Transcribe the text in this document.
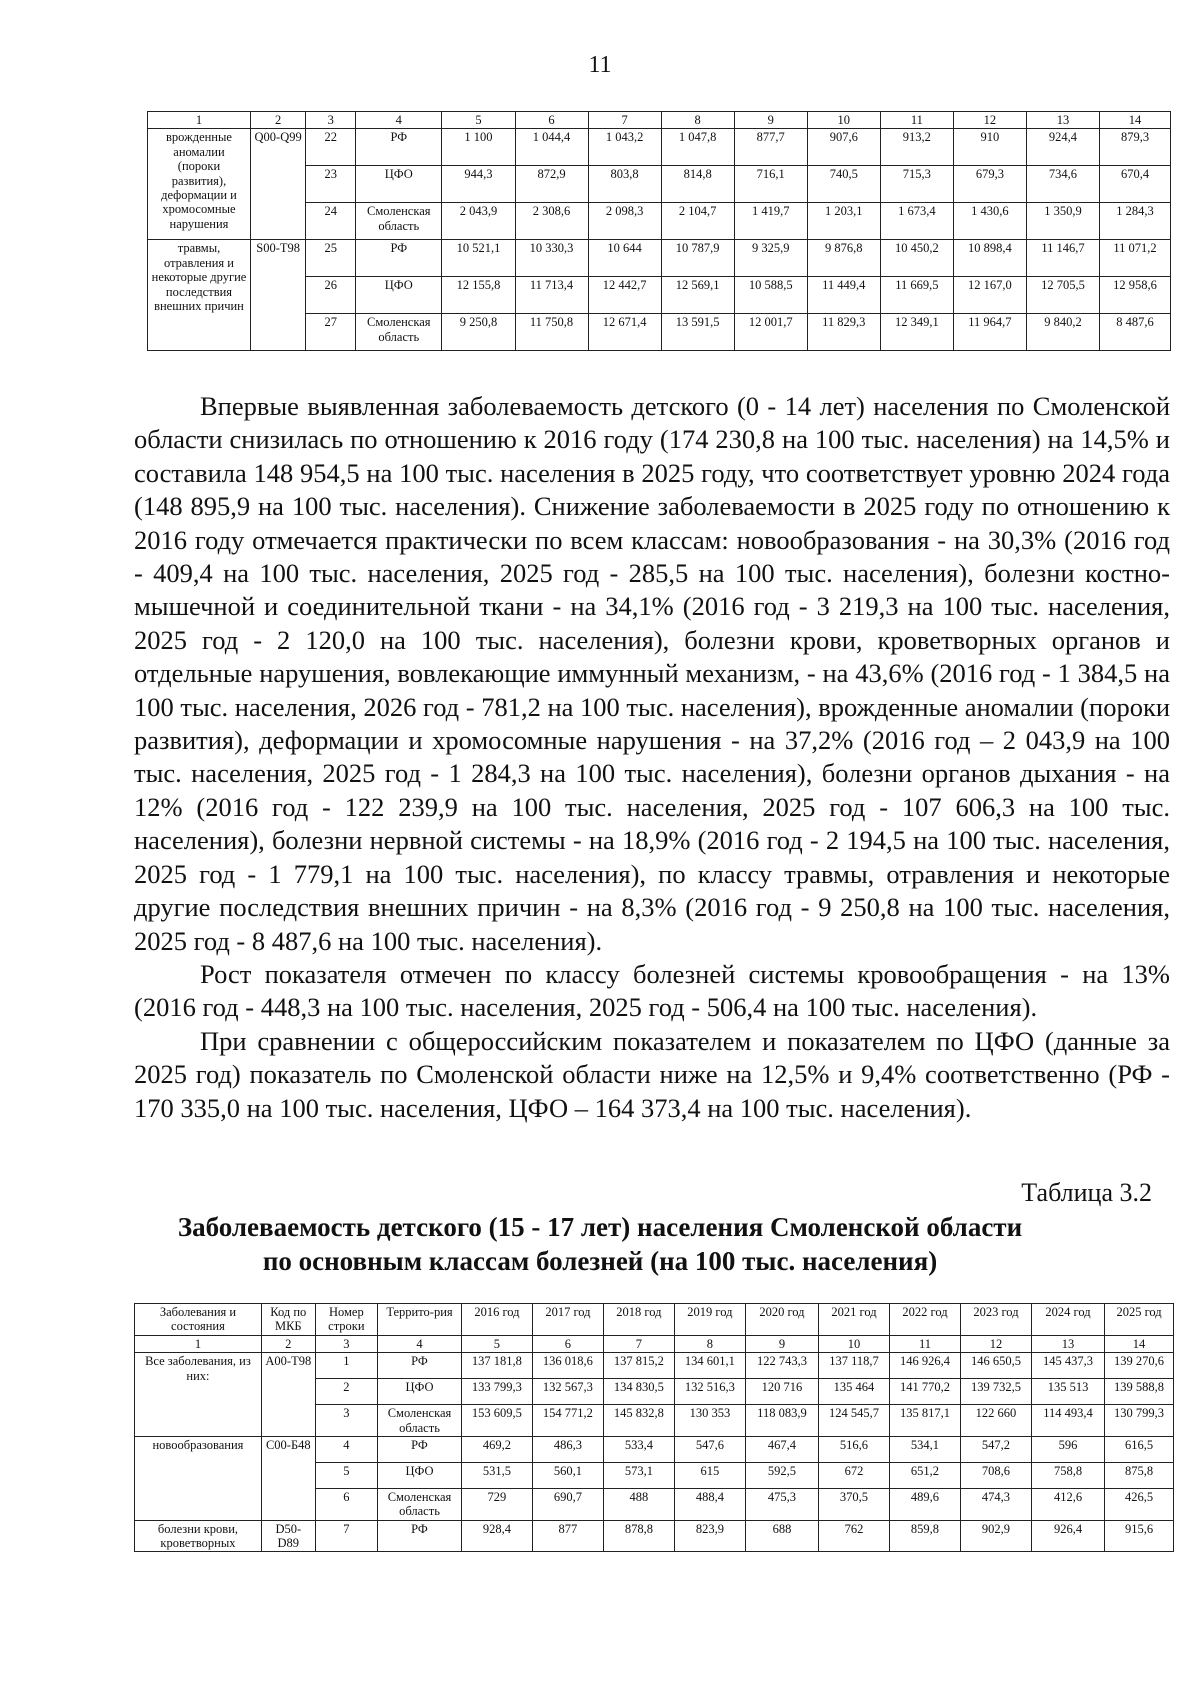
11
1	2	3	4	5	6	7	8	9	10	11	12	13	14
врожденные аномалии (пороки развития), деформации и хромосомные нарушения	Q00-Q99	22	РФ	1 100	1 044,4	1 043,2	1 047,8	877,7	907,6	913,2	910	924,4	879,3
		23	ЦФО	944,3	872,9	803,8	814,8	716,1	740,5	715,3	679,3	734,6	670,4
		24	Смоленская область	2 043,9	2 308,6	2 098,3	2 104,7	1 419,7	1 203,1	1 673,4	1 430,6	1 350,9	1 284,3
травмы, отравления и некоторые другие последствия внешних причин	S00-T98	25	РФ	10 521,1	10 330,3	10 644	10 787,9	9 325,9	9 876,8	10 450,2	10 898,4	11 146,7	11 071,2
		26	ЦФО	12 155,8	11 713,4	12 442,7	12 569,1	10 588,5	11 449,4	11 669,5	12 167,0	12 705,5	12 958,6
		27	Смоленская область	9 250,8	11 750,8	12 671,4	13 591,5	12 001,7	11 829,3	12 349,1	11 964,7	9 840,2	8 487,6

Впервые выявленная заболеваемость детского (0 - 14 лет) населения по Смоленской области снизилась по отношению к 2016 году (174 230,8 на 100 тыс. населения) на 14,5% и составила 148 954,5 на 100 тыс. населения в 2025 году, что соответствует уровню 2024 года (148 895,9 на 100 тыс. населения). Снижение заболеваемости в 2025 году по отношению к 2016 году отмечается практически по всем классам: новообразования - на 30,3% (2016 год - 409,4 на 100 тыс. населения, 2025 год - 285,5 на 100 тыс. населения), болезни костно-мышечной и соединительной ткани - на 34,1% (2016 год - 3 219,3 на 100 тыс. населения, 2025 год - 2 120,0 на 100 тыс. населения), болезни крови, кроветворных органов и отдельные нарушения, вовлекающие иммунный механизм, - на 43,6% (2016 год - 1 384,5 на 100 тыс. населения, 2026 год - 781,2 на 100 тыс. населения), врожденные аномалии (пороки развития), деформации и хромосомные нарушения - на 37,2% (2016 год – 2 043,9 на 100 тыс. населения, 2025 год - 1 284,3 на 100 тыс. населения), болезни органов дыхания - на 12% (2016 год - 122 239,9 на 100 тыс. населения, 2025 год - 107 606,3 на 100 тыс. населения), болезни нервной системы - на 18,9% (2016 год - 2 194,5 на 100 тыс. населения, 2025 год - 1 779,1 на 100 тыс. населения), по классу травмы, отравления и некоторые другие последствия внешних причин - на 8,3% (2016 год - 9 250,8 на 100 тыс. населения, 2025 год - 8 487,6 на 100 тыс. населения).

Рост показателя отмечен по классу болезней системы кровообращения - на 13% (2016 год - 448,3 на 100 тыс. населения, 2025 год - 506,4 на 100 тыс. населения).

При сравнении с общероссийским показателем и показателем по ЦФО (данные за 2025 год) показатель по Смоленской области ниже на 12,5% и 9,4% соответственно (РФ - 170 335,0 на 100 тыс. населения, ЦФО – 164 373,4 на 100 тыс. населения).

Таблица 3.2
Заболеваемость детского (15 - 17 лет) населения Смоленской области
по основным классам болезней (на 100 тыс. населения)
Заболевания и состояния	Код по МКБ	Номер строки	Террито-рия	2016 год	2017 год	2018 год	2019 год	2020 год	2021 год	2022 год	2023 год	2024 год	2025 год
1	2	3	4	5	6	7	8	9	10	11	12	13	14
Все заболевания, из них:	А00-Т98	1	РФ	137 181,8	136 018,6	137 815,2	134 601,1	122 743,3	137 118,7	146 926,4	146 650,5	145 437,3	139 270,6
		2	ЦФО	133 799,3	132 567,3	134 830,5	132 516,3	120 716	135 464	141 770,2	139 732,5	135 513	139 588,8
		3	Смоленская область	153 609,5	154 771,2	145 832,8	130 353	118 083,9	124 545,7	135 817,1	122 660	114 493,4	130 799,3
новообразования	С00-Б48	4	РФ	469,2	486,3	533,4	547,6	467,4	516,6	534,1	547,2	596	616,5
		5	ЦФО	531,5	560,1	573,1	615	592,5	672	651,2	708,6	758,8	875,8
		6	Смоленская область	729	690,7	488	488,4	475,3	370,5	489,6	474,3	412,6	426,5
болезни крови, кроветворных	D50-D89	7	РФ	928,4	877	878,8	823,9	688	762	859,8	902,9	926,4	915,6
